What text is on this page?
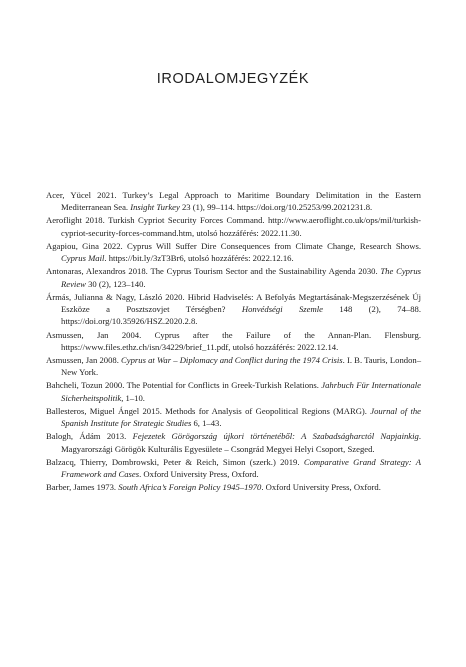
IRODALOMJEGYZÉK
Acer, Yücel 2021. Turkey’s Legal Approach to Maritime Boundary Delimitation in the Eastern Mediterranean Sea. Insight Turkey 23 (1), 99–114. https://doi.org/10.25253/99.2021231.8.
Aeroflight 2018. Turkish Cypriot Security Forces Command. http://www.aeroflight.co.uk/ops/mil/turkish-cypriot-security-forces-command.htm, utolsó hozzáférés: 2022.11.30.
Agapiou, Gina 2022. Cyprus Will Suffer Dire Consequences from Climate Change, Research Shows. Cyprus Mail. https://bit.ly/3zT3Br6, utolsó hozzáférés: 2022.12.16.
Antonaras, Alexandros 2018. The Cyprus Tourism Sector and the Sustainability Agenda 2030. The Cyprus Review 30 (2), 123–140.
Ármás, Julianna & Nagy, László 2020. Hibrid Hadviselés: A Befolyás Megtartásának-Megszerzésének Új Eszköze a Posztszovjet Térségben? Honvédségi Szemle 148 (2), 74–88. https://doi.org/10.35926/HSZ.2020.2.8.
Asmussen, Jan 2004. Cyprus after the Failure of the Annan-Plan. Flensburg. https://www.files.ethz.ch/isn/34229/brief_11.pdf, utolsó hozzáférés: 2022.12.14.
Asmussen, Jan 2008. Cyprus at War – Diplomacy and Conflict during the 1974 Crisis. I. B. Tauris, London–New York.
Bahcheli, Tozun 2000. The Potential for Conflicts in Greek-Turkish Relations. Jahrbuch Für Internationale Sicherheitspolitik, 1–10.
Ballesteros, Miguel Ángel 2015. Methods for Analysis of Geopolitical Regions (MARG). Journal of the Spanish Institute for Strategic Studies 6, 1–43.
Balogh, Ádám 2013. Fejezetek Görögország újkori történetéből: A Szabadságharctól Napjainkig. Magyarországi Görögök Kulturális Egyesülete – Csongrád Megyei Helyi Csoport, Szeged.
Balzacq, Thierry, Dombrowski, Peter & Reich, Simon (szerk.) 2019. Comparative Grand Strategy: A Framework and Cases. Oxford University Press, Oxford.
Barber, James 1973. South Africa’s Foreign Policy 1945–1970. Oxford University Press, Oxford.
